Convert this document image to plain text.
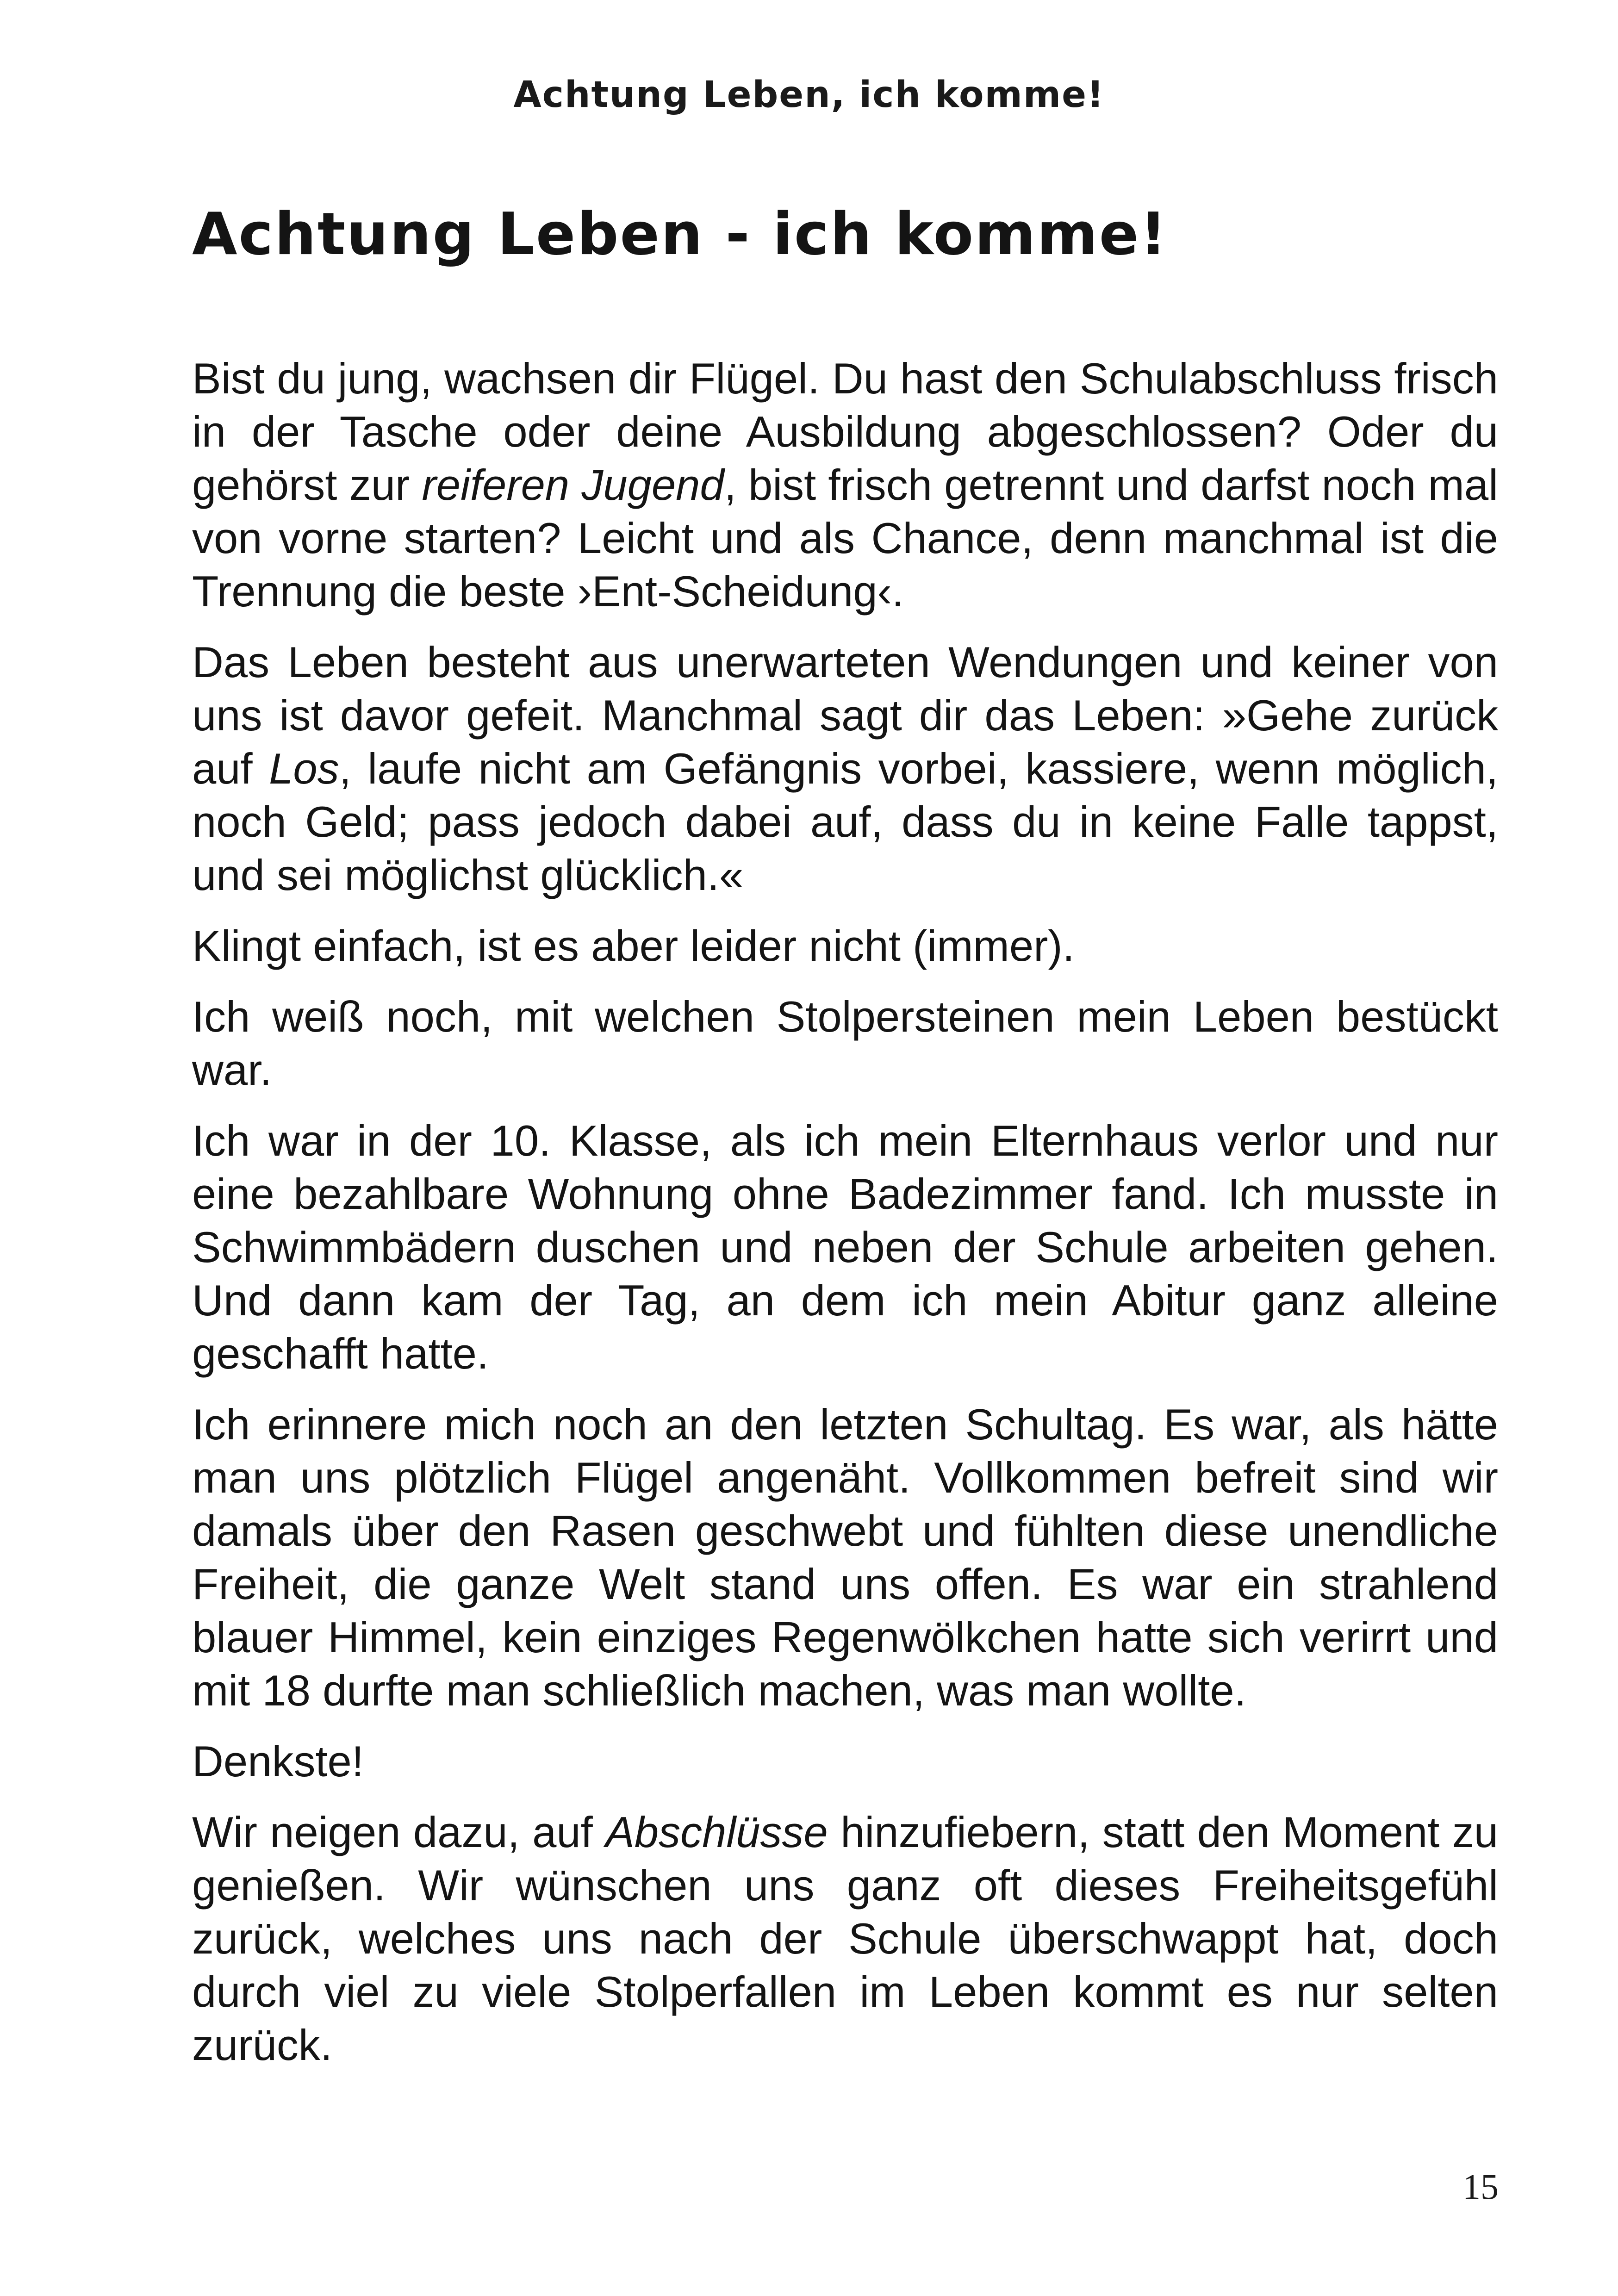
Achtung Leben, ich komme!
Achtung Leben - ich komme!

Bist du jung, wachsen dir Flügel. Du hast den Schulabschluss frisch in der Tasche oder deine Ausbildung abgeschlossen? Oder du gehörst zur reiferen Jugend, bist frisch getrennt und darfst noch mal von vorne starten? Leicht und als Chance, denn manchmal ist die Trennung die beste ›Ent-Scheidung‹.

Das Leben besteht aus unerwarteten Wendungen und keiner von uns ist davor gefeit. Manchmal sagt dir das Leben: »Gehe zurück auf Los, laufe nicht am Gefängnis vorbei, kassiere, wenn möglich, noch Geld; pass jedoch dabei auf, dass du in keine Falle tappst, und sei möglichst glücklich.«

Klingt einfach, ist es aber leider nicht (immer).

Ich weiß noch, mit welchen Stolpersteinen mein Leben bestückt war.

Ich war in der 10. Klasse, als ich mein Elternhaus verlor und nur eine bezahlbare Wohnung ohne Badezimmer fand. Ich musste in Schwimmbädern duschen und neben der Schule arbeiten gehen. Und dann kam der Tag, an dem ich mein Abitur ganz alleine geschafft hatte.

Ich erinnere mich noch an den letzten Schultag. Es war, als hätte man uns plötzlich Flügel angenäht. Vollkommen befreit sind wir damals über den Rasen geschwebt und fühlten diese unendliche Freiheit, die ganze Welt stand uns offen. Es war ein strahlend blauer Himmel, kein einziges Regenwölkchen hatte sich verirrt und mit 18 durfte man schließlich machen, was man wollte.

Denkste!

Wir neigen dazu, auf Abschlüsse hinzufiebern, statt den Moment zu genießen. Wir wünschen uns ganz oft dieses Freiheitsgefühl zurück, welches uns nach der Schule überschwappt hat, doch durch viel zu viele Stolperfallen im Leben kommt es nur selten zurück.

15
